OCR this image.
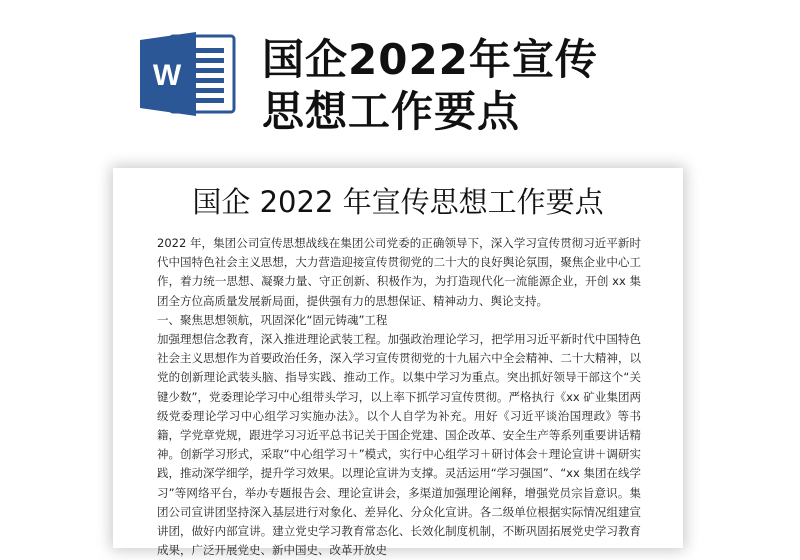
W 国企2022年宣传
思想工作要点
国企 2022 年宣传思想工作要点

2022 年，集团公司宣传思想战线在集团公司党委的正确领导下，深入学习宣传贯彻习近平新时代中国特色社会主义思想，大力营造迎接宣传贯彻党的二十大的良好舆论氛围，聚焦企业中心工作，着力统一思想、凝聚力量、守正创新、积极作为，为打造现代化一流能源企业，开创 xx 集团全方位高质量发展新局面，提供强有力的思想保证、精神动力、舆论支持。

一、聚焦思想领航，巩固深化“固元铸魂”工程

加强理想信念教育，深入推进理论武装工程。加强政治理论学习，把学用习近平新时代中国特色社会主义思想作为首要政治任务，深入学习宣传贯彻党的十九届六中全会精神、二十大精神，以党的创新理论武装头脑、指导实践、推动工作。以集中学习为重点。突出抓好领导干部这个“关键少数”，党委理论学习中心组带头学习，以上率下抓学习宣传贯彻。严格执行《xx 矿业集团两级党委理论学习中心组学习实施办法》。以个人自学为补充。用好《习近平谈治国理政》等书籍，学党章党规，跟进学习习近平总书记关于国企党建、国企改革、安全生产等系列重要讲话精神。创新学习形式，采取“中心组学习＋”模式，实行中心组学习＋研讨体会＋理论宣讲＋调研实践，推动深学细学，提升学习效果。以理论宣讲为支撑。灵活运用“学习强国”、“xx 集团在线学习”等网络平台，举办专题报告会、理论宣讲会，多渠道加强理论阐释，增强党员宗旨意识。集团公司宣讲团坚持深入基层进行对象化、差异化、分众化宣讲。各二级单位根据实际情况组建宣讲团，做好内部宣讲。建立党史学习教育常态化、长效化制度机制，不断巩固拓展党史学习教育成果，广泛开展党史、新中国史、改革开放史
